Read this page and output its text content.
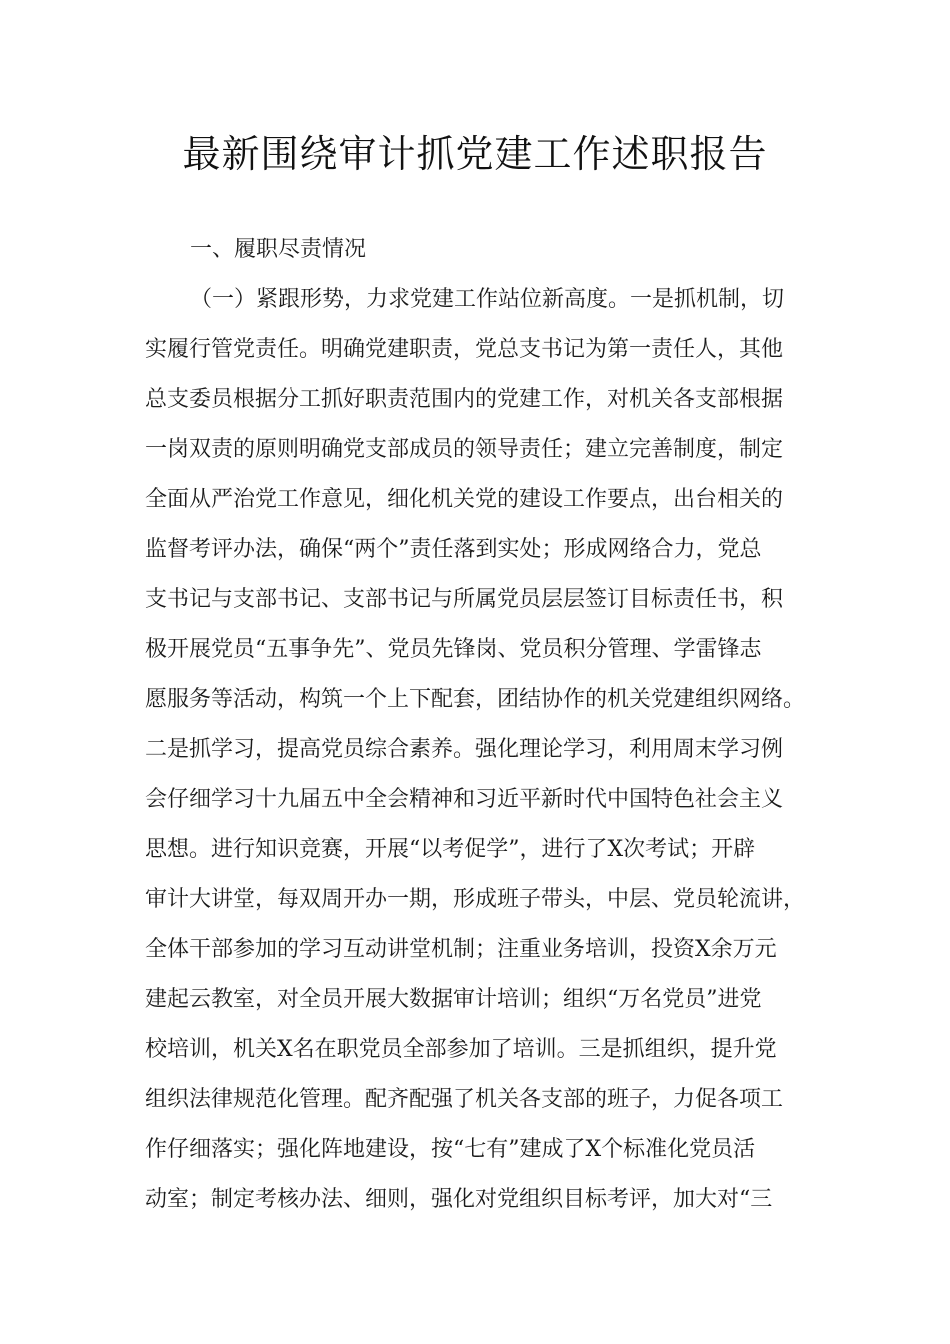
最新围绕审计抓党建工作述职报告
一、履职尽责情况
（一）紧跟形势，力求党建工作站位新高度。一是抓机制，切
实履行管党责任。明确党建职责，党总支书记为第一责任人，其他
总支委员根据分工抓好职责范围内的党建工作，对机关各支部根据
一岗双责的原则明确党支部成员的领导责任；建立完善制度，制定
全面从严治党工作意见，细化机关党的建设工作要点，出台相关的
监督考评办法，确保“两个”责任落到实处；形成网络合力，党总
支书记与支部书记、支部书记与所属党员层层签订目标责任书，积
极开展党员“五事争先”、党员先锋岗、党员积分管理、学雷锋志
愿服务等活动，构筑一个上下配套，团结协作的机关党建组织网络。
二是抓学习，提高党员综合素养。强化理论学习，利用周末学习例
会仔细学习十九届五中全会精神和习近平新时代中国特色社会主义
思想。进行知识竞赛，开展“以考促学”，进行了X次考试；开辟
审计大讲堂，每双周开办一期，形成班子带头，中层、党员轮流讲，
全体干部参加的学习互动讲堂机制；注重业务培训，投资X余万元
建起云教室，对全员开展大数据审计培训；组织“万名党员”进党
校培训，机关X名在职党员全部参加了培训。三是抓组织，提升党
组织法律规范化管理。配齐配强了机关各支部的班子，力促各项工
作仔细落实；强化阵地建设，按“七有”建成了X个标准化党员活
动室；制定考核办法、细则，强化对党组织目标考评，加大对“三
